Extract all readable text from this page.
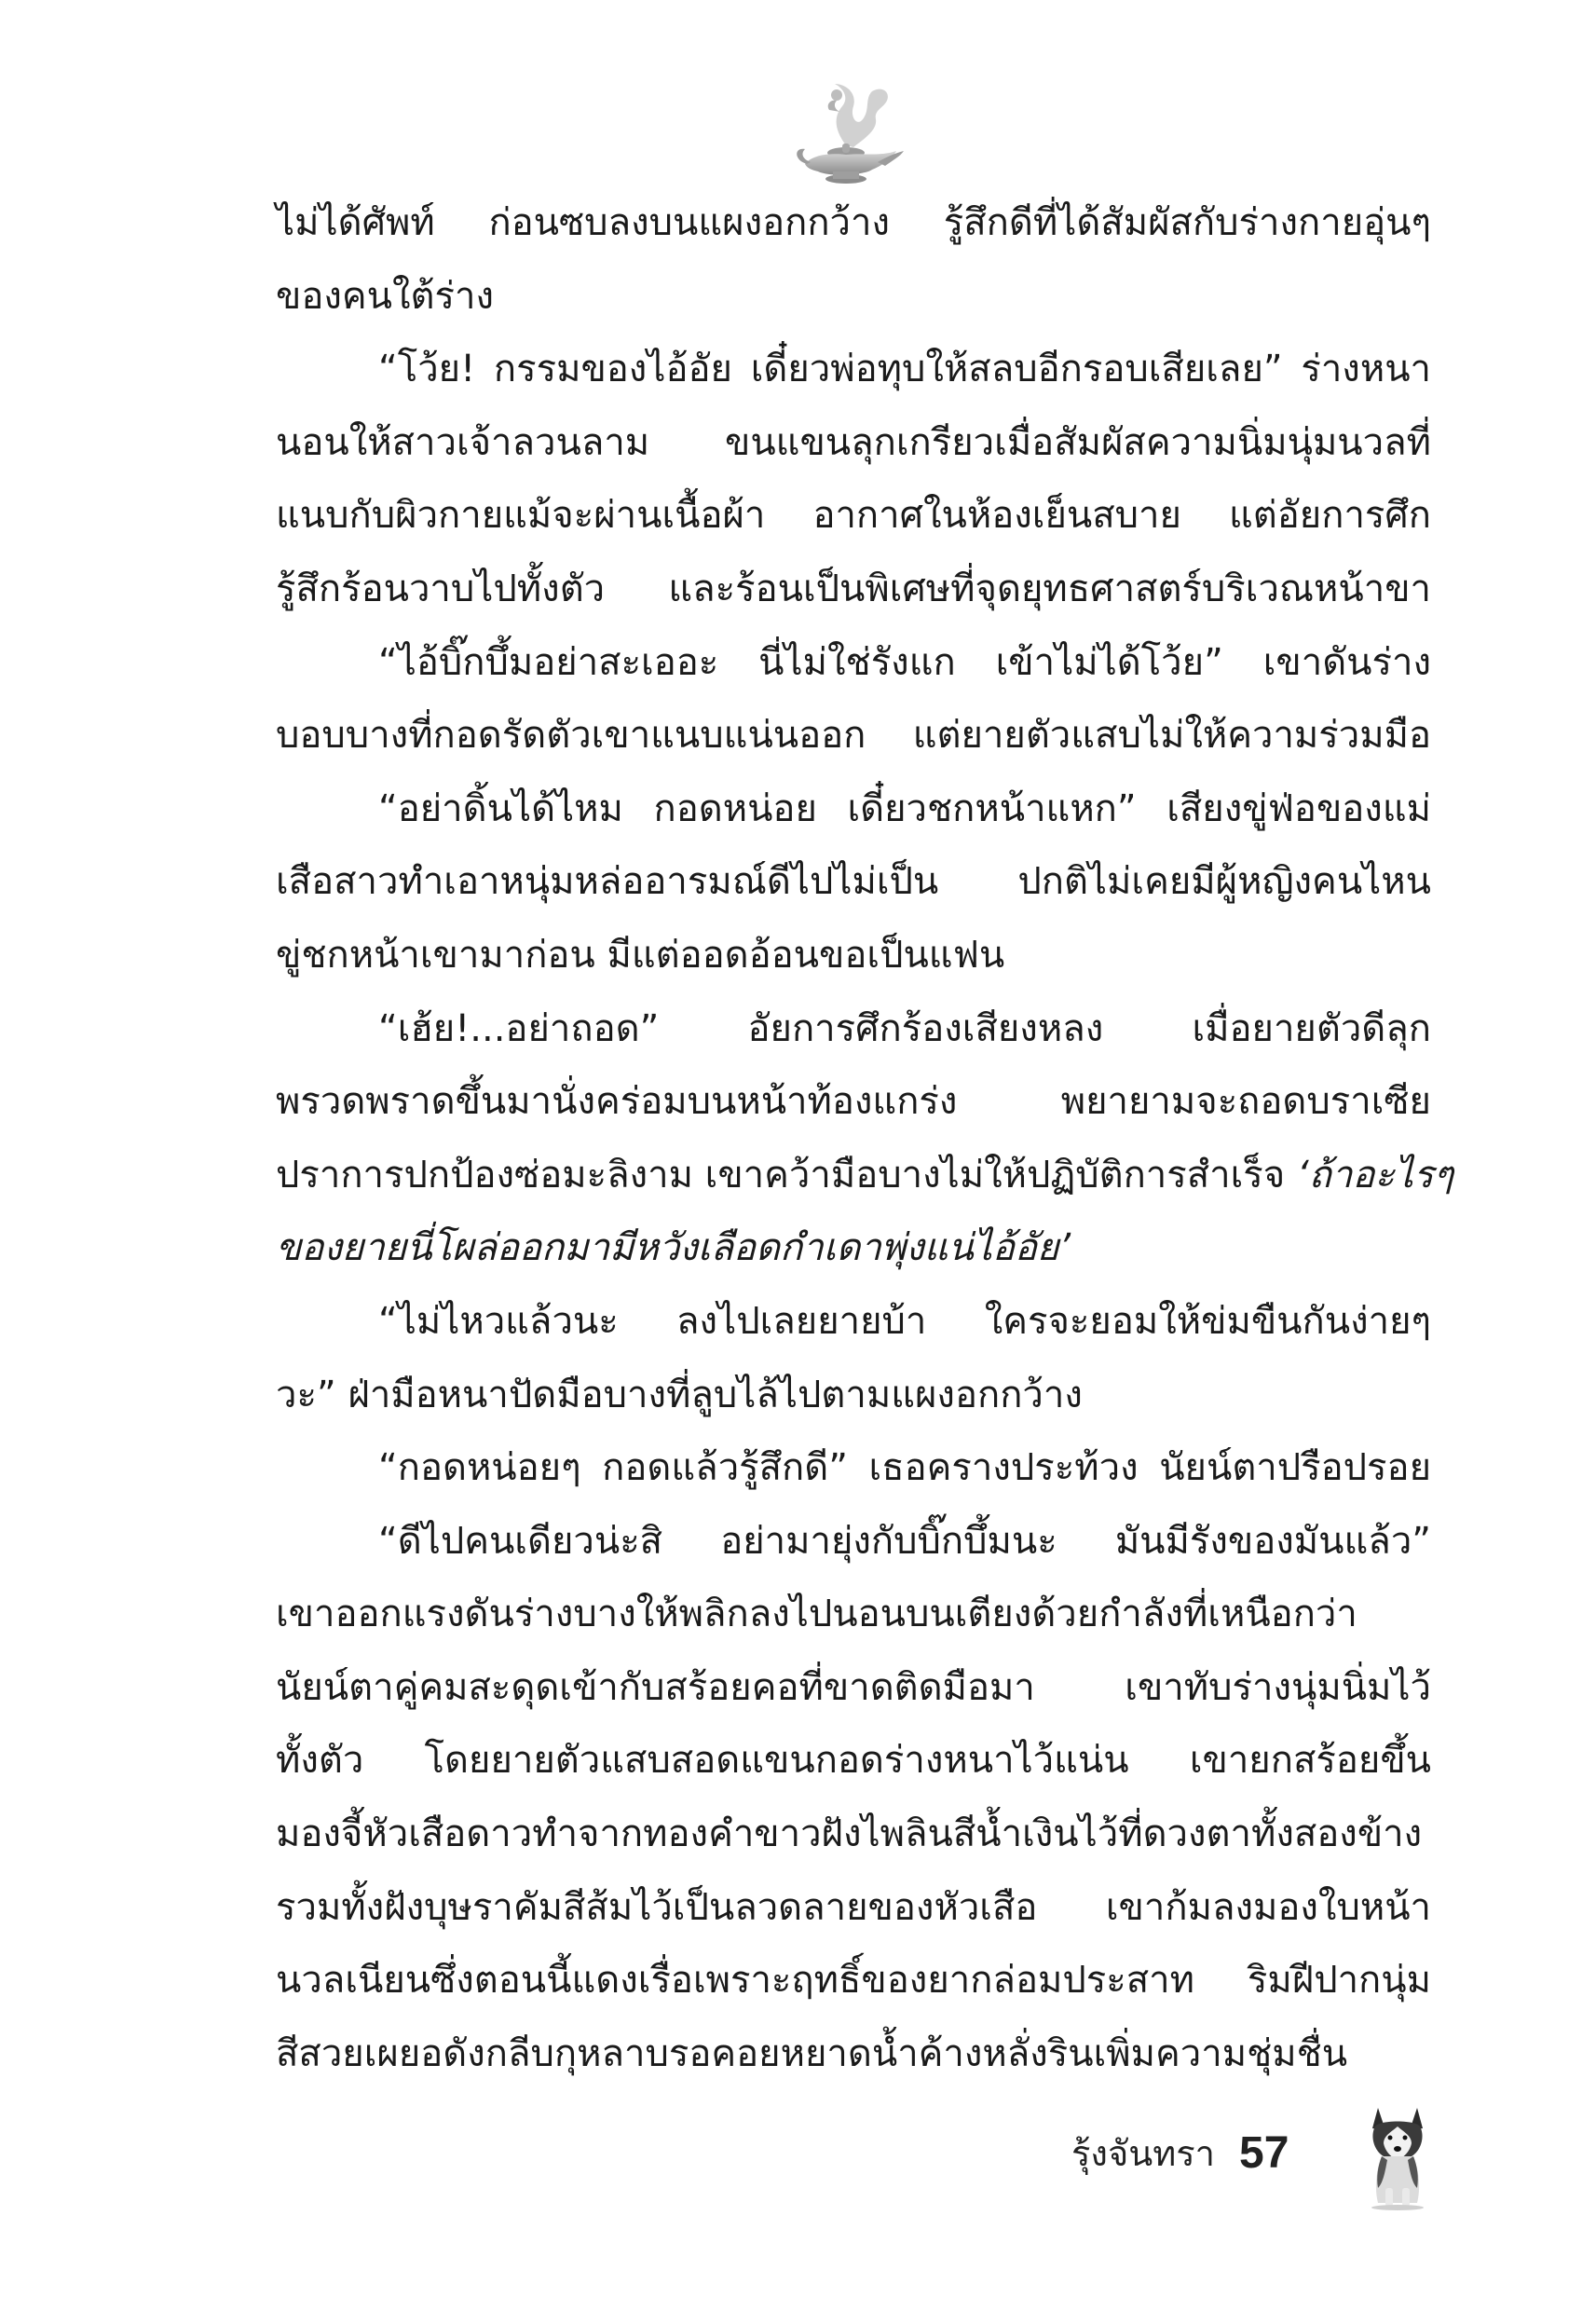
ไม่ได้ศัพท์ ก่อนซบลงบนแผงอกกว้าง รู้สึกดีที่ได้สัมผัสกับร่างกายอุ่นๆ
ของคนใต้ร่าง
“โว้ย! กรรมของไอ้อัย เดี๋ยวพ่อทุบให้สลบอีกรอบเสียเลย” ร่างหนา
นอนให้สาวเจ้าลวนลาม ขนแขนลุกเกรียวเมื่อสัมผัสความนิ่มนุ่มนวลที่
แนบกับผิวกายแม้จะผ่านเนื้อผ้า อากาศในห้องเย็นสบาย แต่อัยการศึก
รู้สึกร้อนวาบไปทั้งตัว และร้อนเป็นพิเศษที่จุดยุทธศาสตร์บริเวณหน้าขา
“ไอ้บิ๊กบึ้มอย่าสะเออะ นี่ไม่ใช่รังแก เข้าไม่ได้โว้ย” เขาดันร่าง
บอบบางที่กอดรัดตัวเขาแนบแน่นออก แต่ยายตัวแสบไม่ให้ความร่วมมือ
“อย่าดิ้นได้ไหม กอดหน่อย เดี๋ยวชกหน้าแหก” เสียงขู่ฟ่อของแม่
เสือสาวทำเอาหนุ่มหล่ออารมณ์ดีไปไม่เป็น ปกติไม่เคยมีผู้หญิงคนไหน
ขู่ชกหน้าเขามาก่อน มีแต่ออดอ้อนขอเป็นแฟน
“เฮ้ย!...อย่าถอด” อัยการศึกร้องเสียงหลง เมื่อยายตัวดีลุก
พรวดพราดขึ้นมานั่งคร่อมบนหน้าท้องแกร่ง พยายามจะถอดบราเซีย
ปราการปกป้องซ่อมะลิงาม เขาคว้ามือบางไม่ให้ปฏิบัติการสำเร็จ ‘ถ้าอะไรๆ
ของยายนี่โผล่ออกมามีหวังเลือดกำเดาพุ่งแน่ไอ้อัย’
“ไม่ไหวแล้วนะ ลงไปเลยยายบ้า ใครจะยอมให้ข่มขืนกันง่ายๆ
วะ” ฝ่ามือหนาปัดมือบางที่ลูบไล้ไปตามแผงอกกว้าง
“กอดหน่อยๆ กอดแล้วรู้สึกดี” เธอครางประท้วง นัยน์ตาปรือปรอย
“ดีไปคนเดียวน่ะสิ อย่ามายุ่งกับบิ๊กบึ้มนะ มันมีรังของมันแล้ว”
เขาออกแรงดันร่างบางให้พลิกลงไปนอนบนเตียงด้วยกำลังที่เหนือกว่า
นัยน์ตาคู่คมสะดุดเข้ากับสร้อยคอที่ขาดติดมือมา เขาทับร่างนุ่มนิ่มไว้
ทั้งตัว โดยยายตัวแสบสอดแขนกอดร่างหนาไว้แน่น เขายกสร้อยขึ้น
มองจี้หัวเสือดาวทำจากทองคำขาวฝังไพลินสีน้ำเงินไว้ที่ดวงตาทั้งสองข้าง
รวมทั้งฝังบุษราคัมสีส้มไว้เป็นลวดลายของหัวเสือ เขาก้มลงมองใบหน้า
นวลเนียนซึ่งตอนนี้แดงเรื่อเพราะฤทธิ์ของยากล่อมประสาท ริมฝีปากนุ่ม
สีสวยเผยอดังกลีบกุหลาบรอคอยหยาดน้ำค้างหลั่งรินเพิ่มความชุ่มชื่น
รุ้งจันทรา 57
